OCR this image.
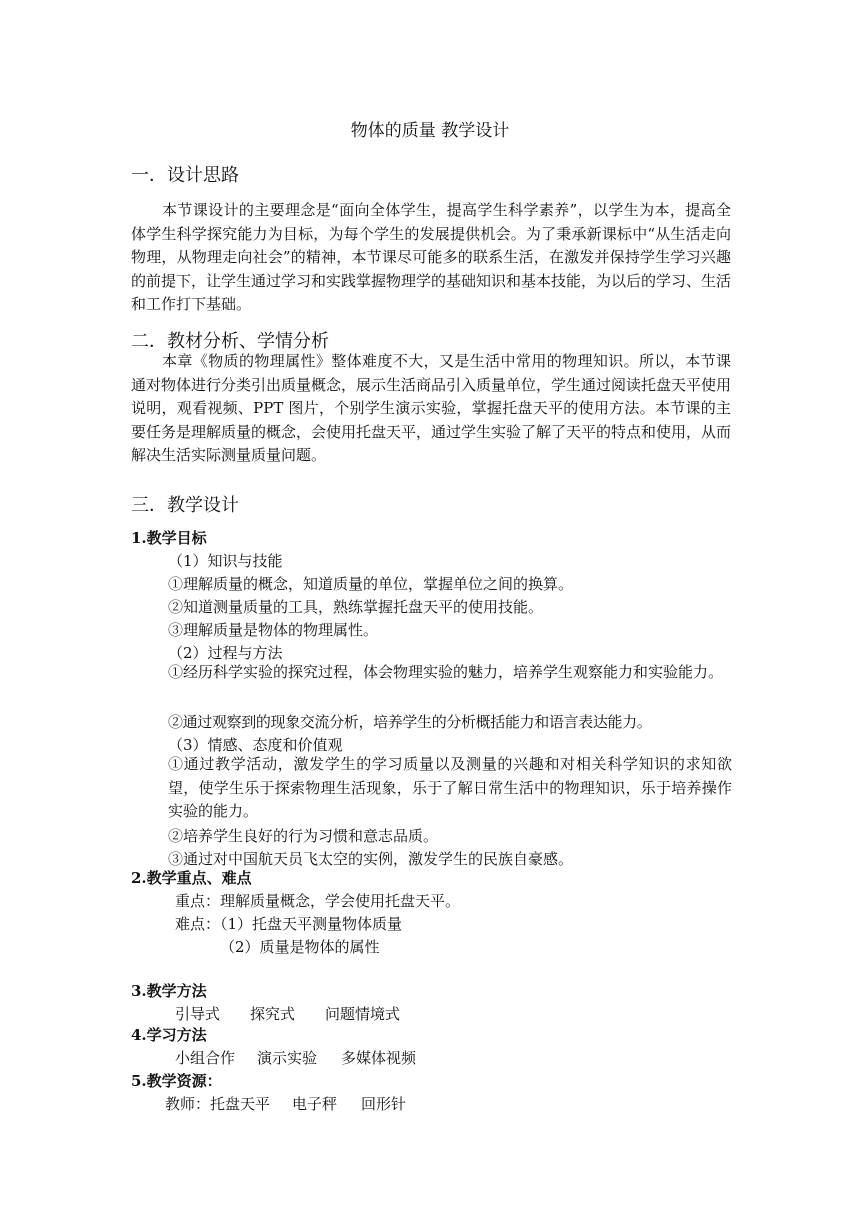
物体的质量 教学设计
一．设计思路
本节课设计的主要理念是“面向全体学生，提高学生科学素养”，以学生为本，提高全体学生科学探究能力为目标，为每个学生的发展提供机会。为了秉承新课标中“从生活走向物理，从物理走向社会”的精神，本节课尽可能多的联系生活，在激发并保持学生学习兴趣的前提下，让学生通过学习和实践掌握物理学的基础知识和基本技能，为以后的学习、生活和工作打下基础。
二．教材分析、学情分析
本章《物质的物理属性》整体难度不大，又是生活中常用的物理知识。所以，本节课通对物体进行分类引出质量概念，展示生活商品引入质量单位，学生通过阅读托盘天平使用说明，观看视频、PPT 图片，个别学生演示实验，掌握托盘天平的使用方法。本节课的主要任务是理解质量的概念，会使用托盘天平，通过学生实验了解了天平的特点和使用，从而解决生活实际测量质量问题。
三．教学设计
1.教学目标
（1）知识与技能
①理解质量的概念，知道质量的单位，掌握单位之间的换算。
②知道测量质量的工具，熟练掌握托盘天平的使用技能。
③理解质量是物体的物理属性。
（2）过程与方法
①经历科学实验的探究过程，体会物理实验的魅力，培养学生观察能力和实验能力。
②通过观察到的现象交流分析，培养学生的分析概括能力和语言表达能力。
（3）情感、态度和价值观
①通过教学活动，激发学生的学习质量以及测量的兴趣和对相关科学知识的求知欲望，使学生乐于探索物理生活现象，乐于了解日常生活中的物理知识，乐于培养操作实验的能力。
②培养学生良好的行为习惯和意志品质。
③通过对中国航天员飞太空的实例，激发学生的民族自豪感。
2.教学重点、难点
重点：理解质量概念，学会使用托盘天平。
难点：（1）托盘天平测量物体质量
（2）质量是物体的属性
3.教学方法
引导式 探究式 问题情境式
4.学习方法
小组合作 演示实验 多媒体视频
5.教学资源：
教师：托盘天平 电子秤 回形针
